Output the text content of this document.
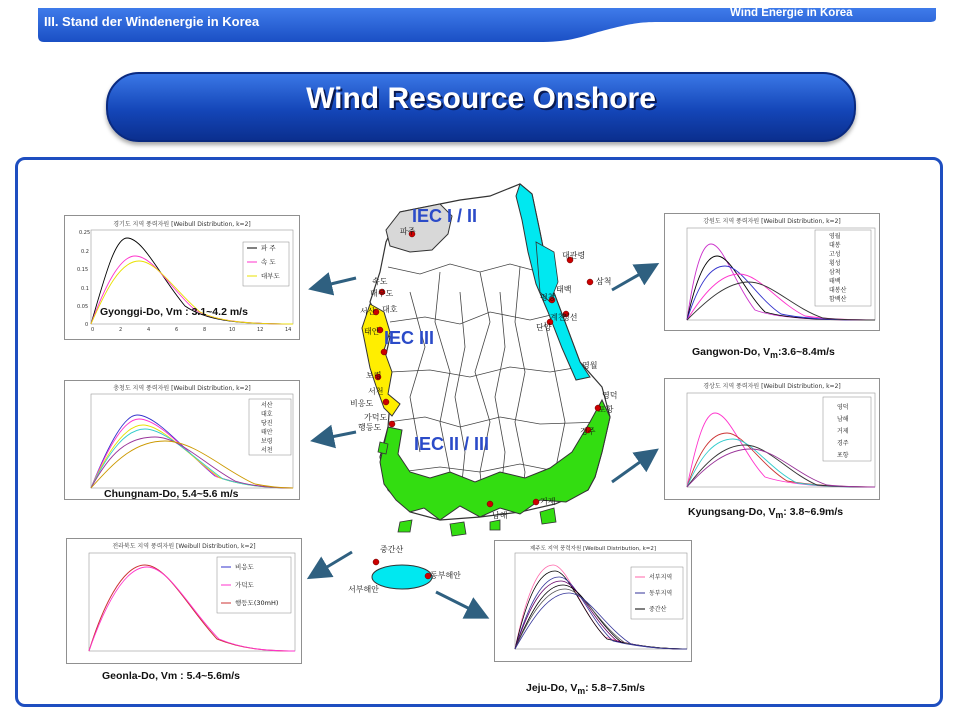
III. Stand der Windenergie in Korea
Wind Energie in Korea
Wind Resource Onshore
파주
속도
대부도
서산 대호
태안
보령
서천
비응도
가덕도
행등도
대관령
삼척
평창
태백
정선
단양
계천
영월
영덕
포항
경주
남해
거제
중간산
동부해안
서부해안
IEC I / II
IEC III
IEC II / III
경기도 지역 풍력자원 [Weibull Distribution, k=2]
0.25
0.2
0.15
0.1
0.05
0
0	2	4	6	8	10	12	14
파 주
속 도
대부도
Gyonggi-Do, Vm : 3.1~4.2 m/s
충청도 지역 풍력자원 [Weibull Distribution, k=2]
서산
대호
당진
태안
보령
서천
Chungnam-Do, 5.4~5.6 m/s
전라북도 지역 풍력자원 [Weibull Distribution, k=2]
비응도
가덕도
행등도(30mH)
Geonla-Do, Vm : 5.4~5.6m/s
강원도 지역 풍력자원 [Weibull Distribution, k=2]
영월
대봉
고성
횡성
삼척
태백
대봉산
함백산
Gangwon-Do, $V_m:3.6\sim 8.4m/s$
경상도 지역 풍력자원 [Weibull Distribution, k=2]
영덕
남해
거제
경주
포항
Kyungsang-Do, $V_m$: 3.8~6.9m/s
제주도 지역 풍력자원 [Weibull Distribution, k=2]
서부지역
동부지역
중간산
Jeju-Do, $V_m$: 5.8~7.5m/s
